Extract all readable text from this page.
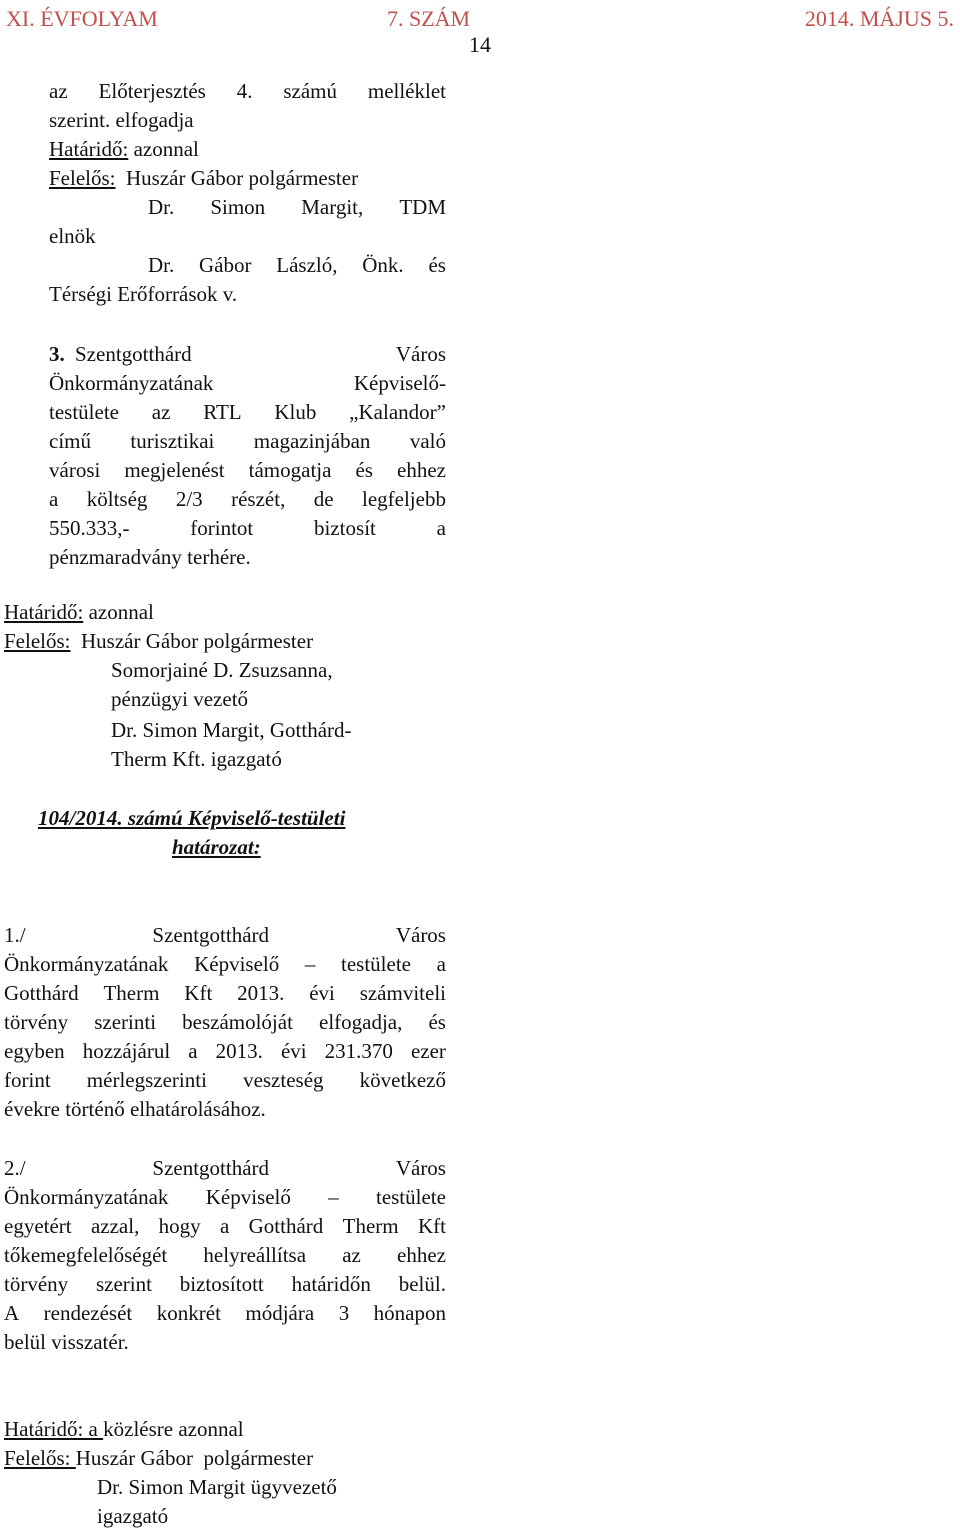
XI. ÉVFOLYAM	7. SZÁM	2014. MÁJUS 5.
14
az Előterjesztés 4. számú melléklet
szerint. elfogadja
Határidő: azonnal
Felelős:  Huszár Gábor polgármester
Dr. Simon Margit, TDM
elnök
Dr. Gábor László, Önk. és
Térségi Erőforrások v.
3. Szentgotthárd	Város
Önkormányzatának	Képviselő-
testülete az RTL Klub „Kalandor”
című turisztikai magazinjában való
városi megjelenést támogatja és ehhez
a költség 2/3 részét, de legfeljebb
550.333,-	forintot	biztosít	a
pénzmaradvány terhére.
Határidő: azonnal
Felelős:  Huszár Gábor polgármester
Somorjainé D. Zsuzsanna,
pénzügyi vezető
Dr. Simon Margit, Gotthárd-
Therm Kft. igazgató
104/2014. számú Képviselő-testületi
határozat:
1./	Szentgotthárd	Város
Önkormányzatának Képviselő – testülete a
Gotthárd Therm Kft 2013. évi számviteli
törvény szerinti beszámolóját elfogadja, és
egyben hozzájárul a 2013. évi 231.370 ezer
forint mérlegszerinti veszteség következő
évekre történő elhatárolásához.
2./	Szentgotthárd	Város
Önkormányzatának Képviselő – testülete
egyetért azzal, hogy a Gotthárd Therm Kft
tőkemegfelelőségét helyreállítsa az ehhez
törvény szerint biztosított határidőn belül.
A rendezését konkrét módjára 3 hónapon
belül visszatér.
Határidő: a közlésre azonnal
Felelős: Huszár Gábor  polgármester
Dr. Simon Margit ügyvezető
igazgató
